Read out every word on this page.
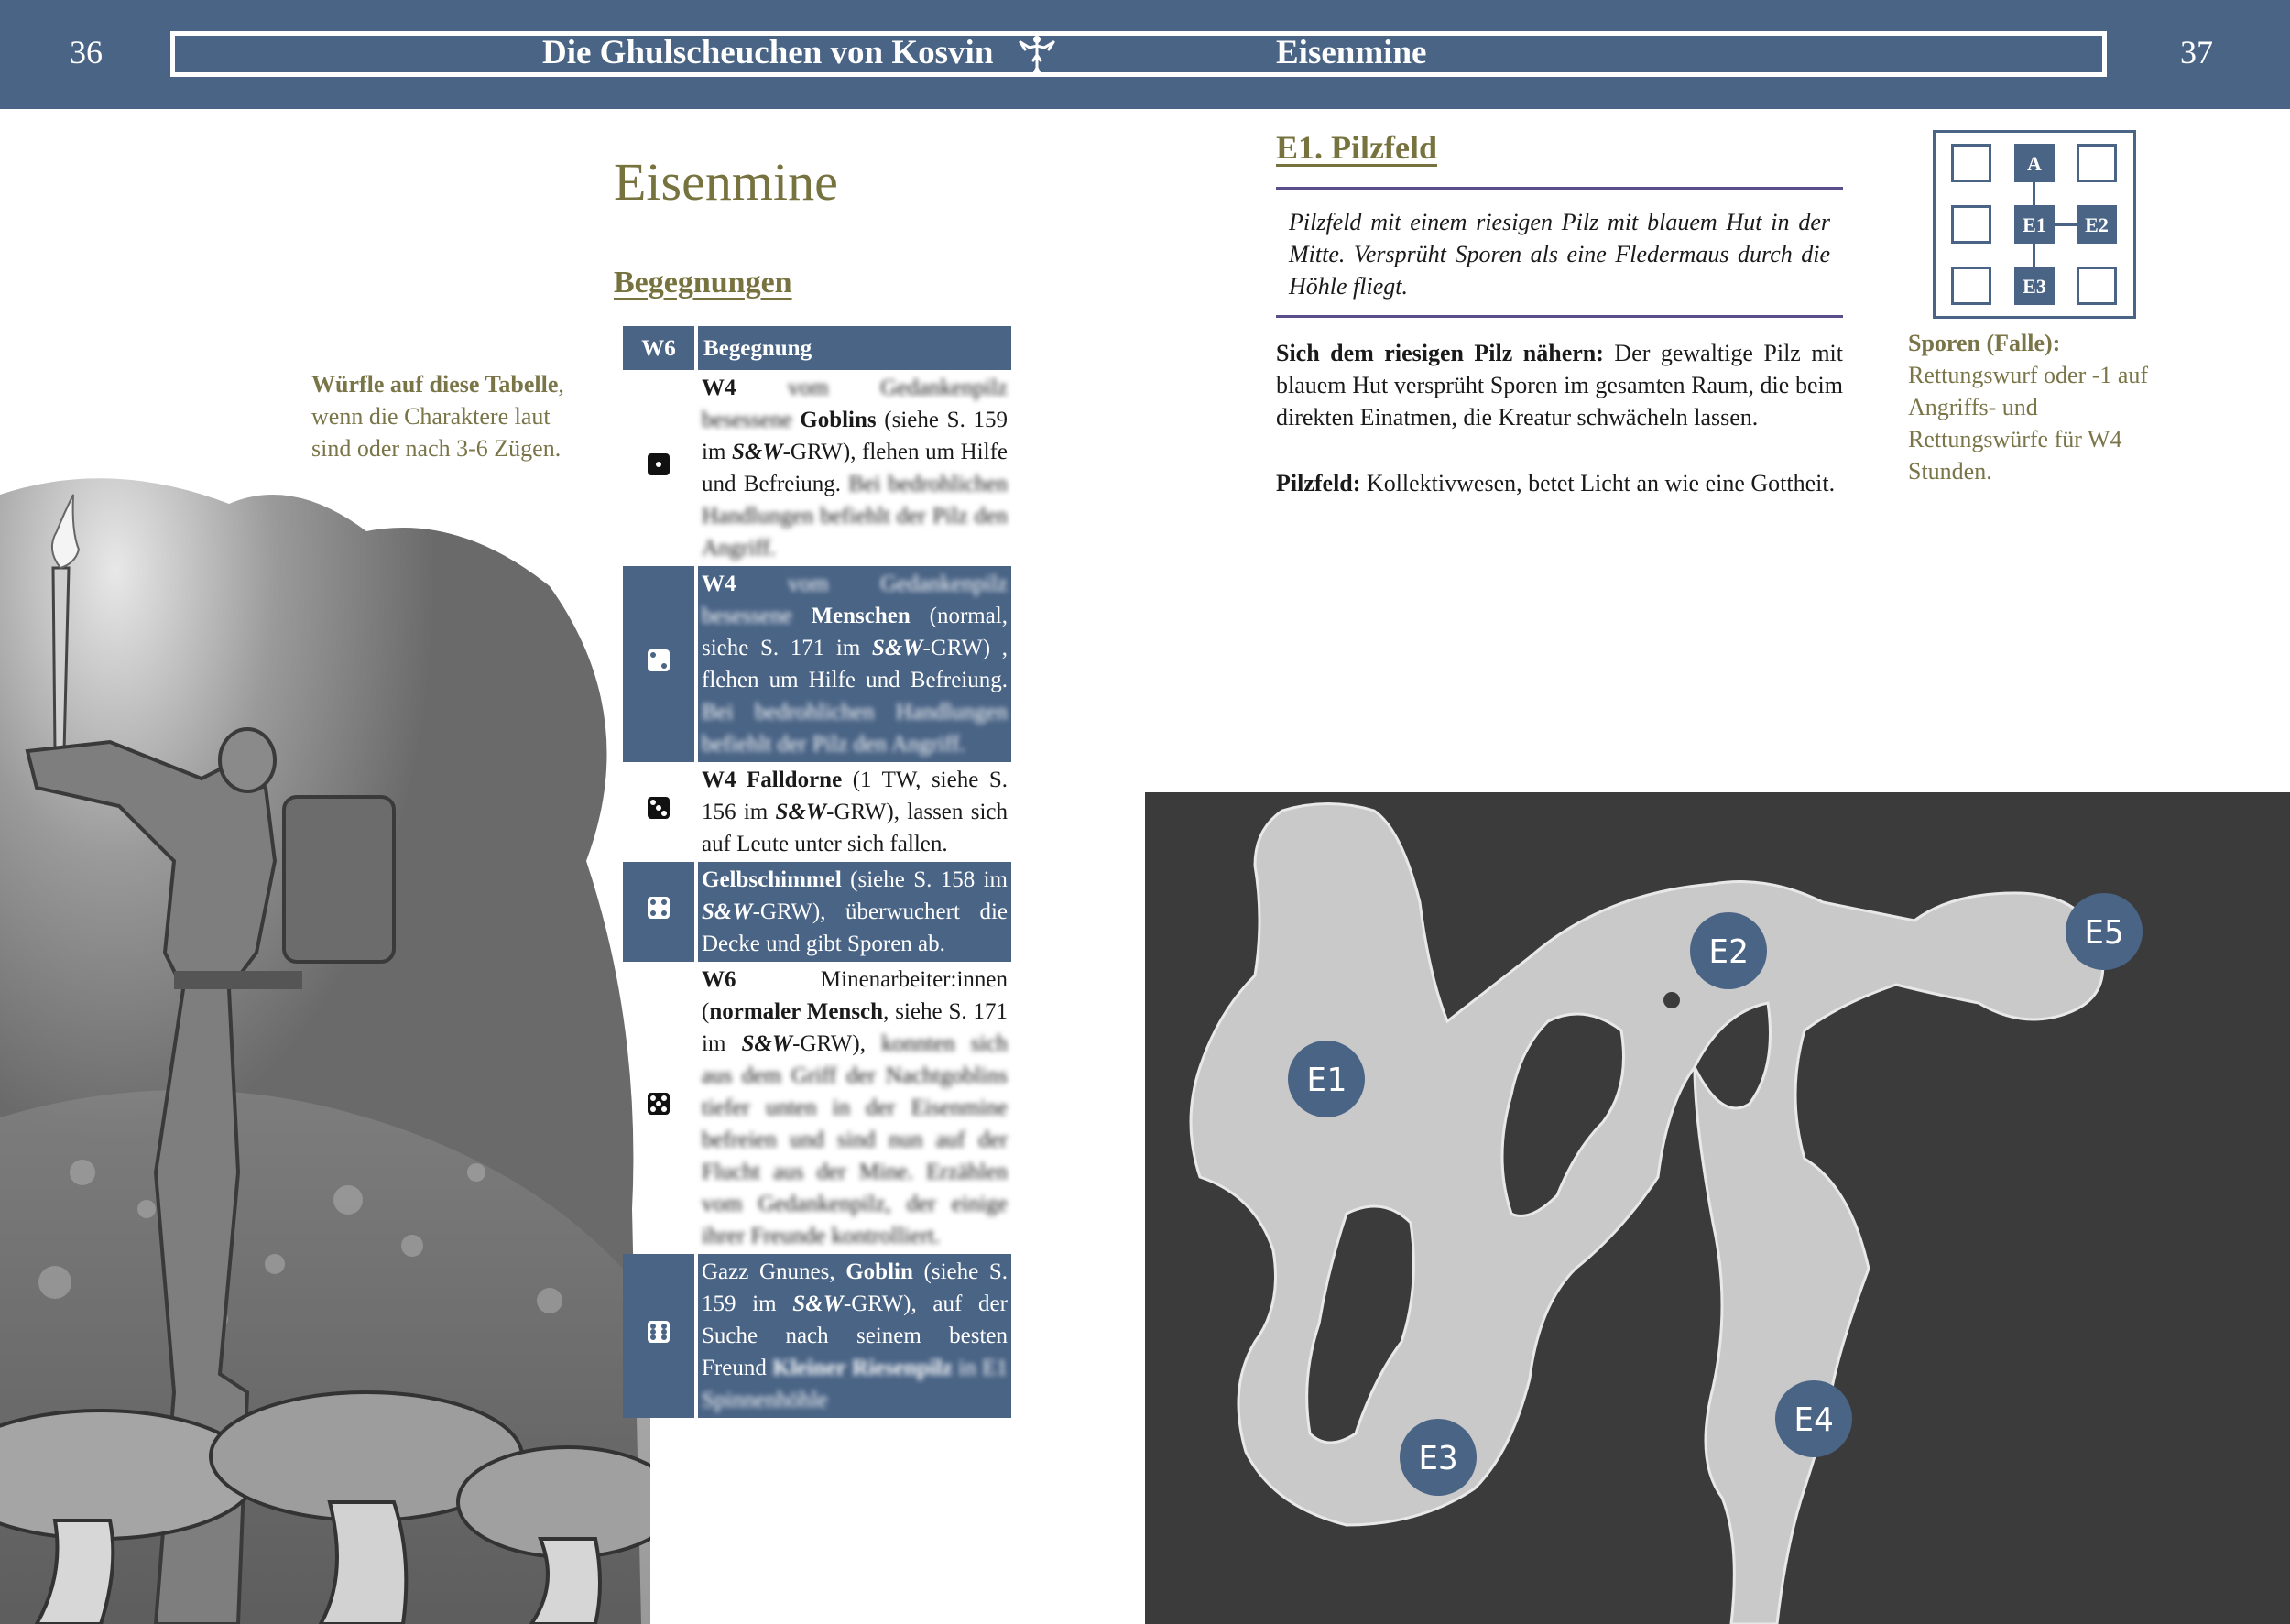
36	Die Ghulscheuchen von Kosvin	Eisenmine	37
Würfle auf diese Tabelle, wenn die Charaktere laut sind oder nach 3-6 Zügen.
Eisenmine
Begegnungen
W6	Begegnung

	W4 vom Gedankenpilz besessene Goblins (siehe S. 159 im S&W-GRW), flehen um Hilfe und Befreiung. Bei bedrohlichen Handlungen befiehlt der Pilz den Angriff.

	W4 vom Gedankenpilz besessene Menschen (normal, siehe S. 171 im S&W-GRW) , flehen um Hilfe und Befreiung. Bei bedrohlichen Handlungen befiehlt der Pilz den Angriff.

	W4 Falldorne (1 TW, siehe S. 156 im S&W-GRW), lassen sich auf Leute unter sich fallen.

	Gelbschimmel (siehe S. 158 im S&W-GRW), überwuchert die Decke und gibt Sporen ab.

	W6 Minenarbeiter:innen (normaler Mensch, siehe S. 171 im S&W-GRW), konnten sich aus dem Griff der Nachtgoblins tiefer unten in der Eisenmine befreien und sind nun auf der Flucht aus der Mine. Erzählen vom Gedankenpilz, der einige ihrer Freunde kontrolliert.

	Gazz Gnunes, Goblin (siehe S. 159 im S&W-GRW), auf der Suche nach seinem besten Freund Kleiner Riesenpilz in E1 Spinnenhöhle
E1. Pilzfeld
Pilzfeld mit einem riesigen Pilz mit blauem Hut in der Mitte. Versprüht Sporen als eine Fledermaus durch die Höhle fliegt.
Sich dem riesigen Pilz nähern: Der gewaltige Pilz mit blauem Hut versprüht Sporen im gesamten Raum, die beim direkten Einatmen, die Kreatur schwächeln lassen.
Pilzfeld: Kollektivwesen, betet Licht an wie eine Gottheit.
A
E1	E2
E3
Sporen (Falle): Rettungswurf oder -1 auf Angriffs- und Rettungswürfe für W4 Stunden.
E1
E2
E3
E4
E5
